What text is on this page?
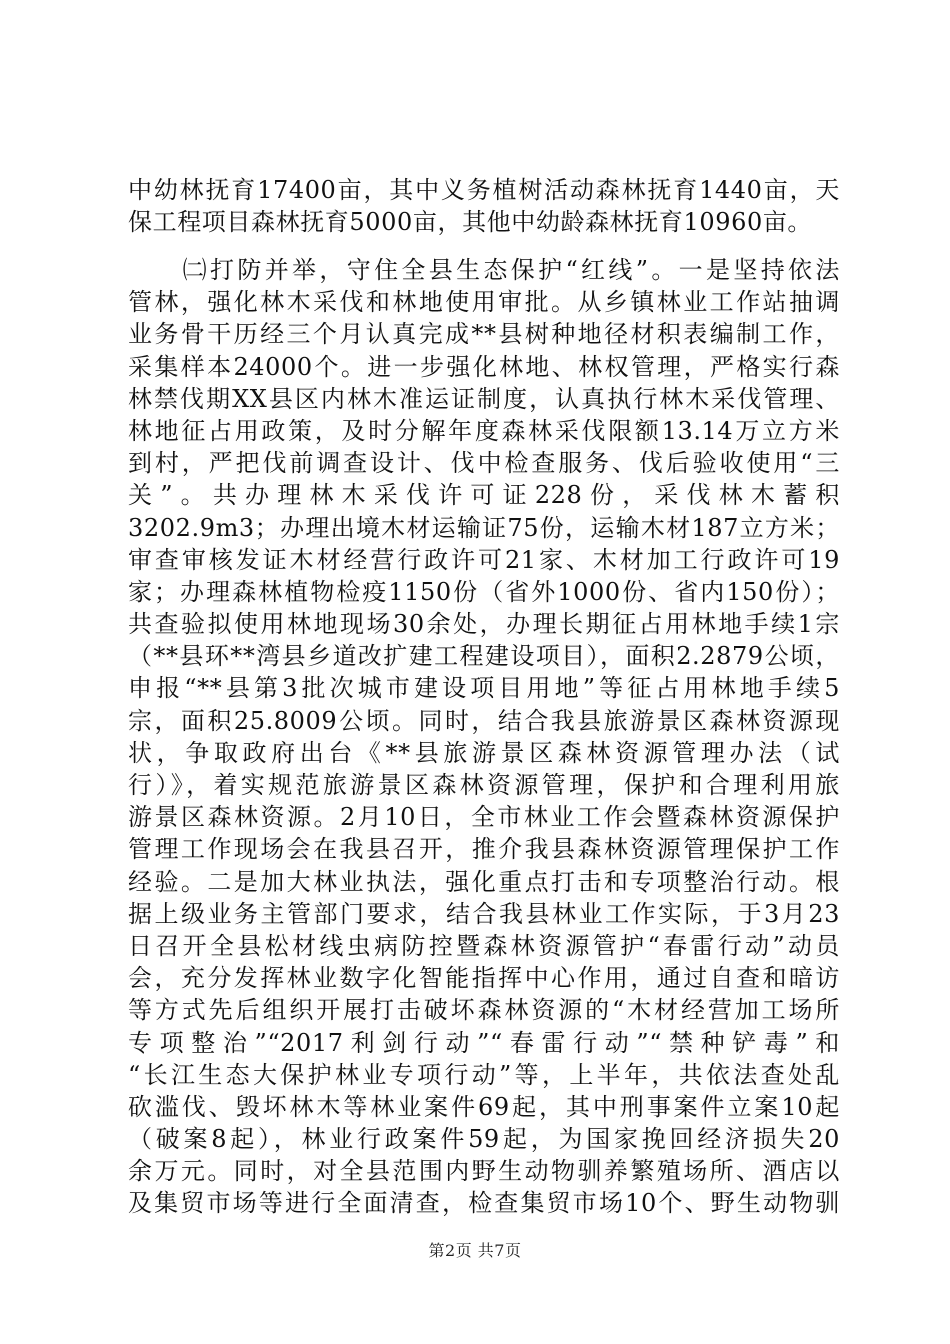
中幼林抚育17400亩，其中义务植树活动森林抚育1440亩，天
保工程项目森林抚育5000亩，其他中幼龄森林抚育10960亩。
　　㈡打防并举，守住全县生态保护“红线”。一是坚持依法
管林，强化林木采伐和林地使用审批。从乡镇林业工作站抽调
业务骨干历经三个月认真完成**县树种地径材积表编制工作，
采集样本24000个。进一步强化林地、林权管理，严格实行森
林禁伐期XX县区内林木准运证制度，认真执行林木采伐管理、
林地征占用政策，及时分解年度森林采伐限额13.14万立方米
到村，严把伐前调查设计、伐中检查服务、伐后验收使用“三
关”。共办理林木采伐许可证228份，采伐林木蓄积
3202.9m3；办理出境木材运输证75份，运输木材187立方米；
审查审核发证木材经营行政许可21家、木材加工行政许可19
家；办理森林植物检疫1150份（省外1000份、省内150份）；
共查验拟使用林地现场30余处，办理长期征占用林地手续1宗
（**县环**湾县乡道改扩建工程建设项目），面积2.2879公顷，
申报“**县第3批次城市建设项目用地”等征占用林地手续5
宗，面积25.8009公顷。同时，结合我县旅游景区森林资源现
状，争取政府出台《**县旅游景区森林资源管理办法（试
行）》，着实规范旅游景区森林资源管理，保护和合理利用旅
游景区森林资源。2月10日，全市林业工作会暨森林资源保护
管理工作现场会在我县召开，推介我县森林资源管理保护工作
经验。二是加大林业执法，强化重点打击和专项整治行动。根
据上级业务主管部门要求，结合我县林业工作实际，于3月23
日召开全县松材线虫病防控暨森林资源管护“春雷行动”动员
会，充分发挥林业数字化智能指挥中心作用，通过自查和暗访
等方式先后组织开展打击破坏森林资源的“木材经营加工场所
专项整治”“2017利剑行动”“春雷行动”“禁种铲毒”和
“长江生态大保护林业专项行动”等，上半年，共依法查处乱
砍滥伐、毁坏林木等林业案件69起，其中刑事案件立案10起
（破案8起），林业行政案件59起，为国家挽回经济损失20
余万元。同时，对全县范围内野生动物驯养繁殖场所、酒店以
及集贸市场等进行全面清查，检查集贸市场10个、野生动物驯
第2页 共7页
